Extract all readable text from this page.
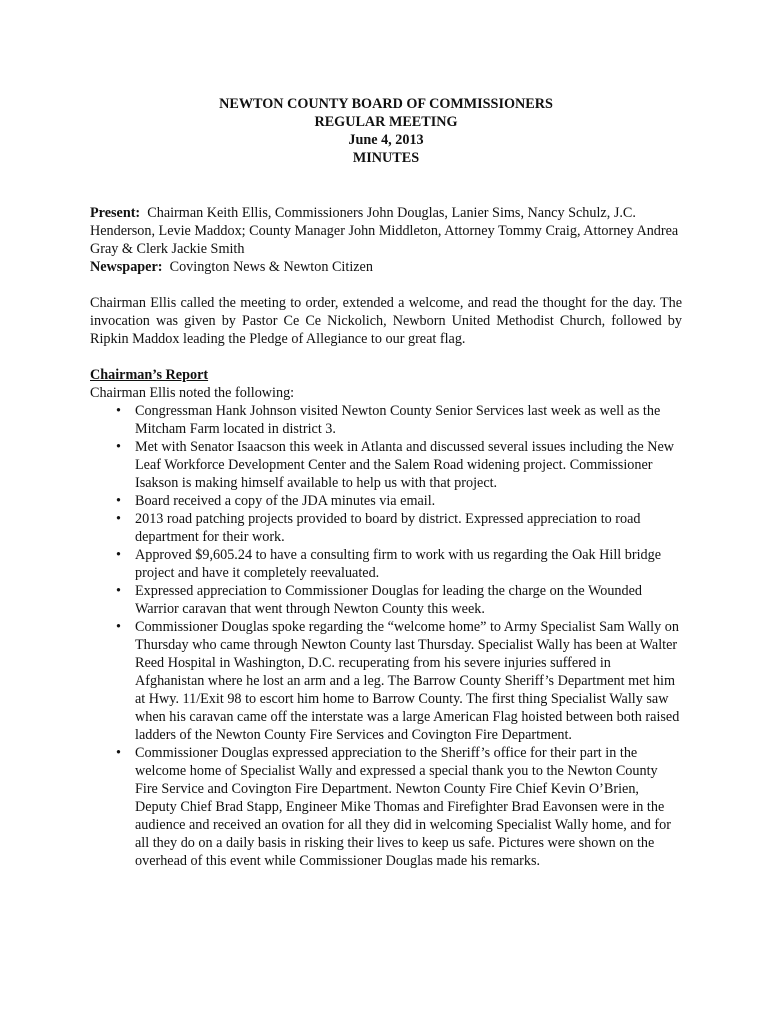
NEWTON COUNTY BOARD OF COMMISSIONERS
REGULAR MEETING
June 4, 2013
MINUTES
Present: Chairman Keith Ellis, Commissioners John Douglas, Lanier Sims, Nancy Schulz, J.C. Henderson, Levie Maddox; County Manager John Middleton, Attorney Tommy Craig, Attorney Andrea Gray & Clerk Jackie Smith
Newspaper: Covington News & Newton Citizen
Chairman Ellis called the meeting to order, extended a welcome, and read the thought for the day. The invocation was given by Pastor Ce Ce Nickolich, Newborn United Methodist Church, followed by Ripkin Maddox leading the Pledge of Allegiance to our great flag.
Chairman’s Report
Chairman Ellis noted the following:
• Congressman Hank Johnson visited Newton County Senior Services last week as well as the Mitcham Farm located in district 3.
• Met with Senator Isaacson this week in Atlanta and discussed several issues including the New Leaf Workforce Development Center and the Salem Road widening project. Commissioner Isakson is making himself available to help us with that project.
• Board received a copy of the JDA minutes via email.
• 2013 road patching projects provided to board by district. Expressed appreciation to road department for their work.
• Approved $9,605.24 to have a consulting firm to work with us regarding the Oak Hill bridge project and have it completely reevaluated.
• Expressed appreciation to Commissioner Douglas for leading the charge on the Wounded Warrior caravan that went through Newton County this week.
• Commissioner Douglas spoke regarding the “welcome home” to Army Specialist Sam Wally on Thursday who came through Newton County last Thursday. Specialist Wally has been at Walter Reed Hospital in Washington, D.C. recuperating from his severe injuries suffered in Afghanistan where he lost an arm and a leg. The Barrow County Sheriff’s Department met him at Hwy. 11/Exit 98 to escort him home to Barrow County. The first thing Specialist Wally saw when his caravan came off the interstate was a large American Flag hoisted between both raised ladders of the Newton County Fire Services and Covington Fire Department.
• Commissioner Douglas expressed appreciation to the Sheriff’s office for their part in the welcome home of Specialist Wally and expressed a special thank you to the Newton County Fire Service and Covington Fire Department. Newton County Fire Chief Kevin O’Brien, Deputy Chief Brad Stapp, Engineer Mike Thomas and Firefighter Brad Eavonsen were in the audience and received an ovation for all they did in welcoming Specialist Wally home, and for all they do on a daily basis in risking their lives to keep us safe. Pictures were shown on the overhead of this event while Commissioner Douglas made his remarks.
